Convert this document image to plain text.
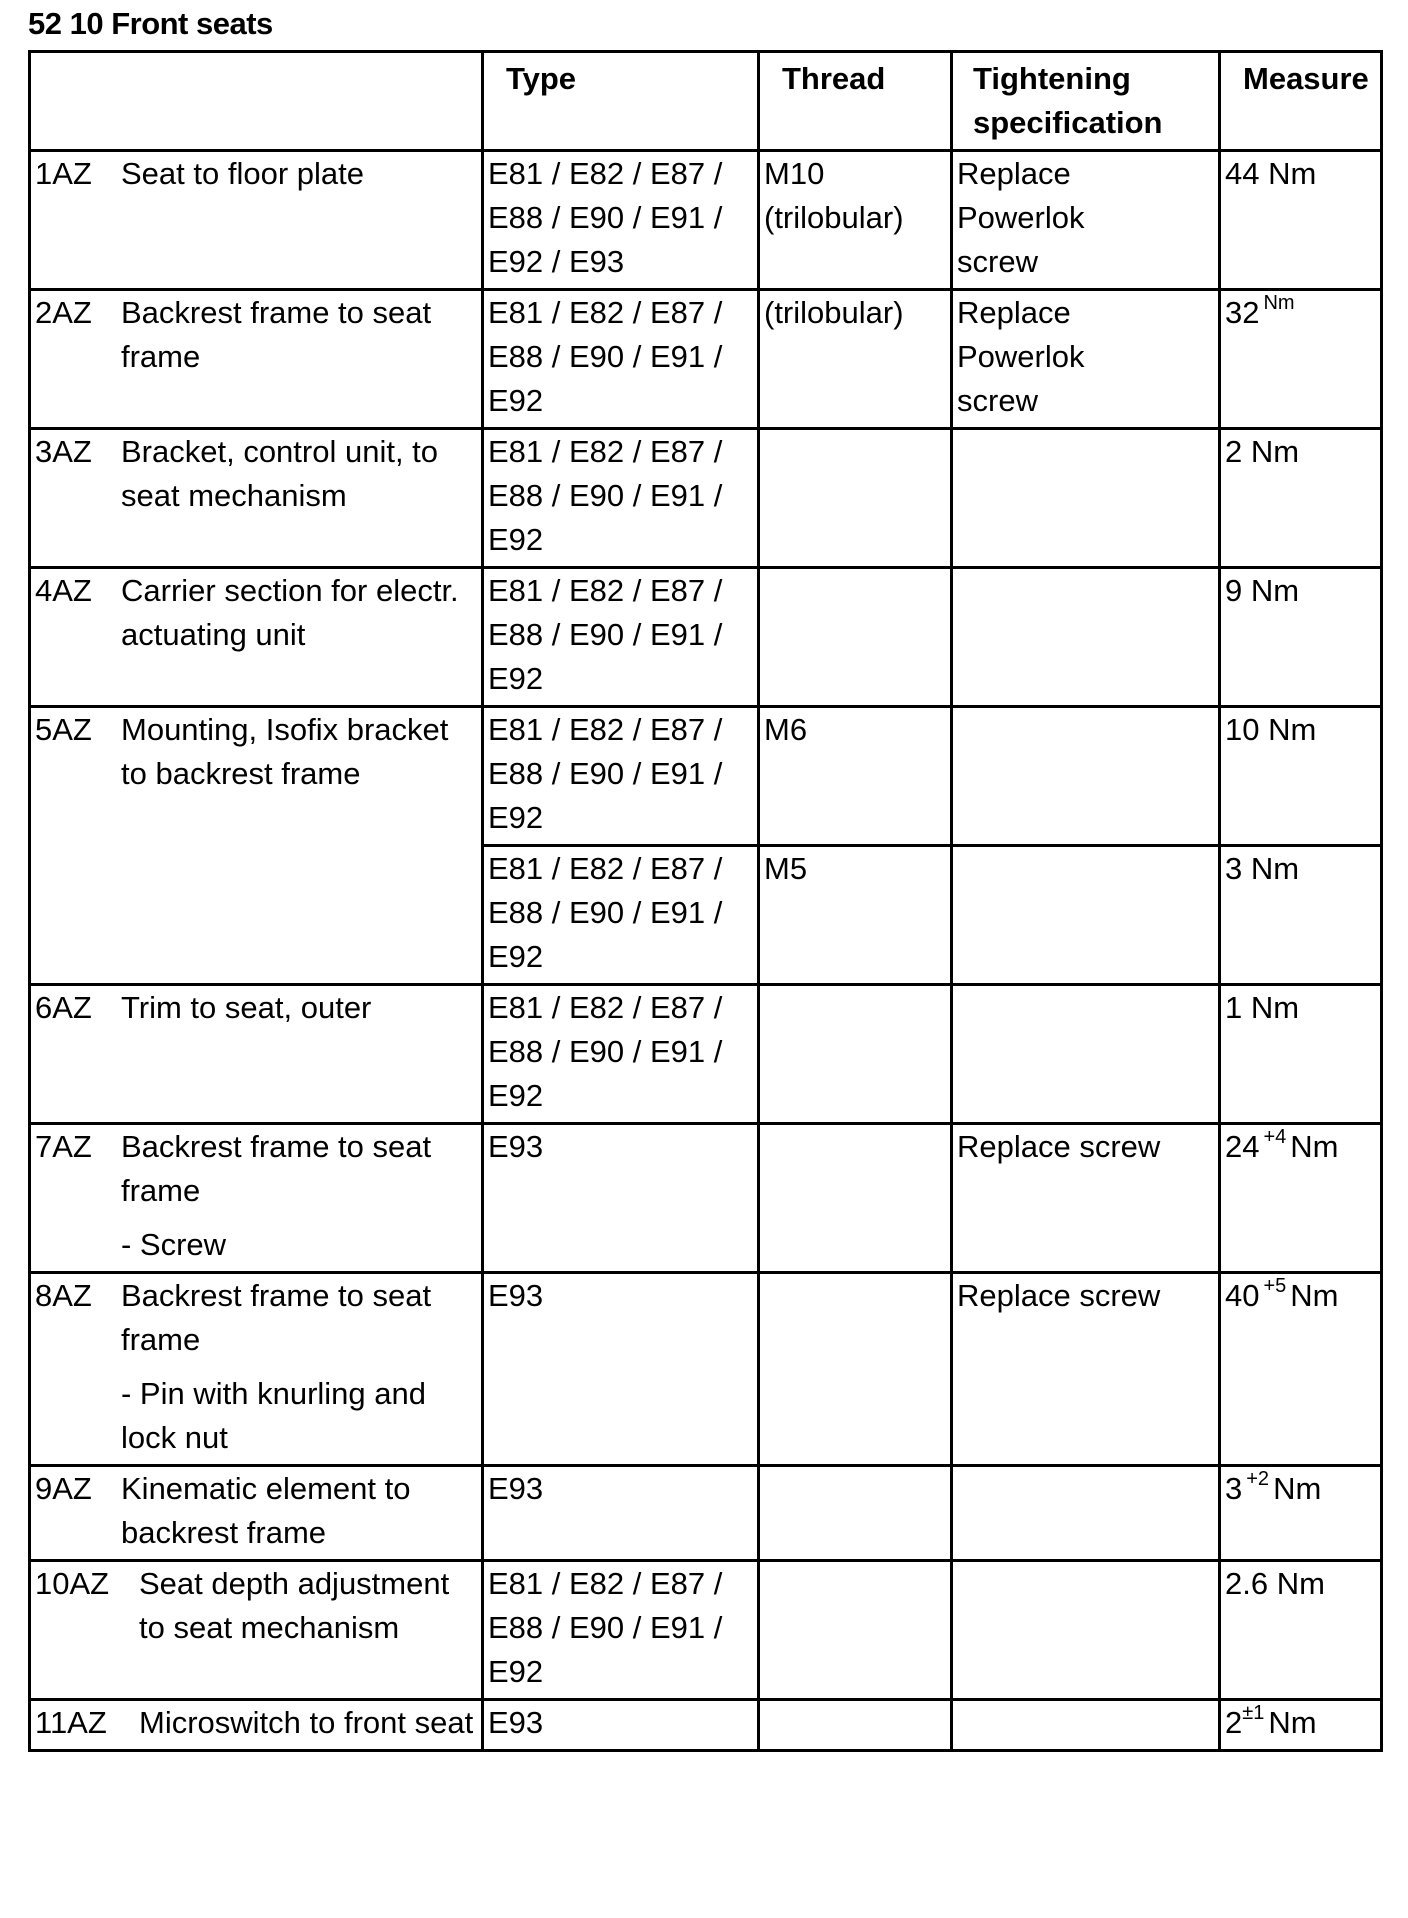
52 10 Front seats
	Type	Thread	Tightening
specification	Measure

1AZ Seat to floor plate	E81 / E82 / E87 /
E88 / E90 / E91 /
E92 / E93	M10
(trilobular)	Replace
Powerlok
screw	44 Nm

2AZ Backrest frame to seat frame	E81 / E82 / E87 /
E88 / E90 / E91 /
E92	(trilobular)	Replace
Powerlok
screw	32 $^{Nm}$

3AZ Bracket, control unit, to seat mechanism	E81 / E82 / E87 /
E88 / E90 / E91 /
E92			2 Nm

4AZ Carrier section for electr. actuating unit	E81 / E82 / E87 /
E88 / E90 / E91 /
E92			9 Nm

5AZ Mounting, Isofix bracket to backrest frame	E81 / E82 / E87 /
E88 / E90 / E91 /
E92	M6		10 Nm

	E81 / E82 / E87 /
E88 / E90 / E91 /
E92	M5		3 Nm

6AZ Trim to seat, outer	E81 / E82 / E87 /
E88 / E90 / E91 /
E92			1 Nm

7AZ Backrest frame to seat frame
- Screw	E93		Replace screw	24 $^{+4}$ Nm

8AZ Backrest frame to seat frame
- Pin with knurling and lock nut	E93		Replace screw	40 $^{+5}$ Nm

9AZ Kinematic element to backrest frame	E93			3 $^{+2}$ Nm

10AZ Seat depth adjustment to seat mechanism	E81 / E82 / E87 /
E88 / E90 / E91 /
E92			2.6 Nm

11AZ Microswitch to front seat	E93			$2^{\pm 1}$ Nm
